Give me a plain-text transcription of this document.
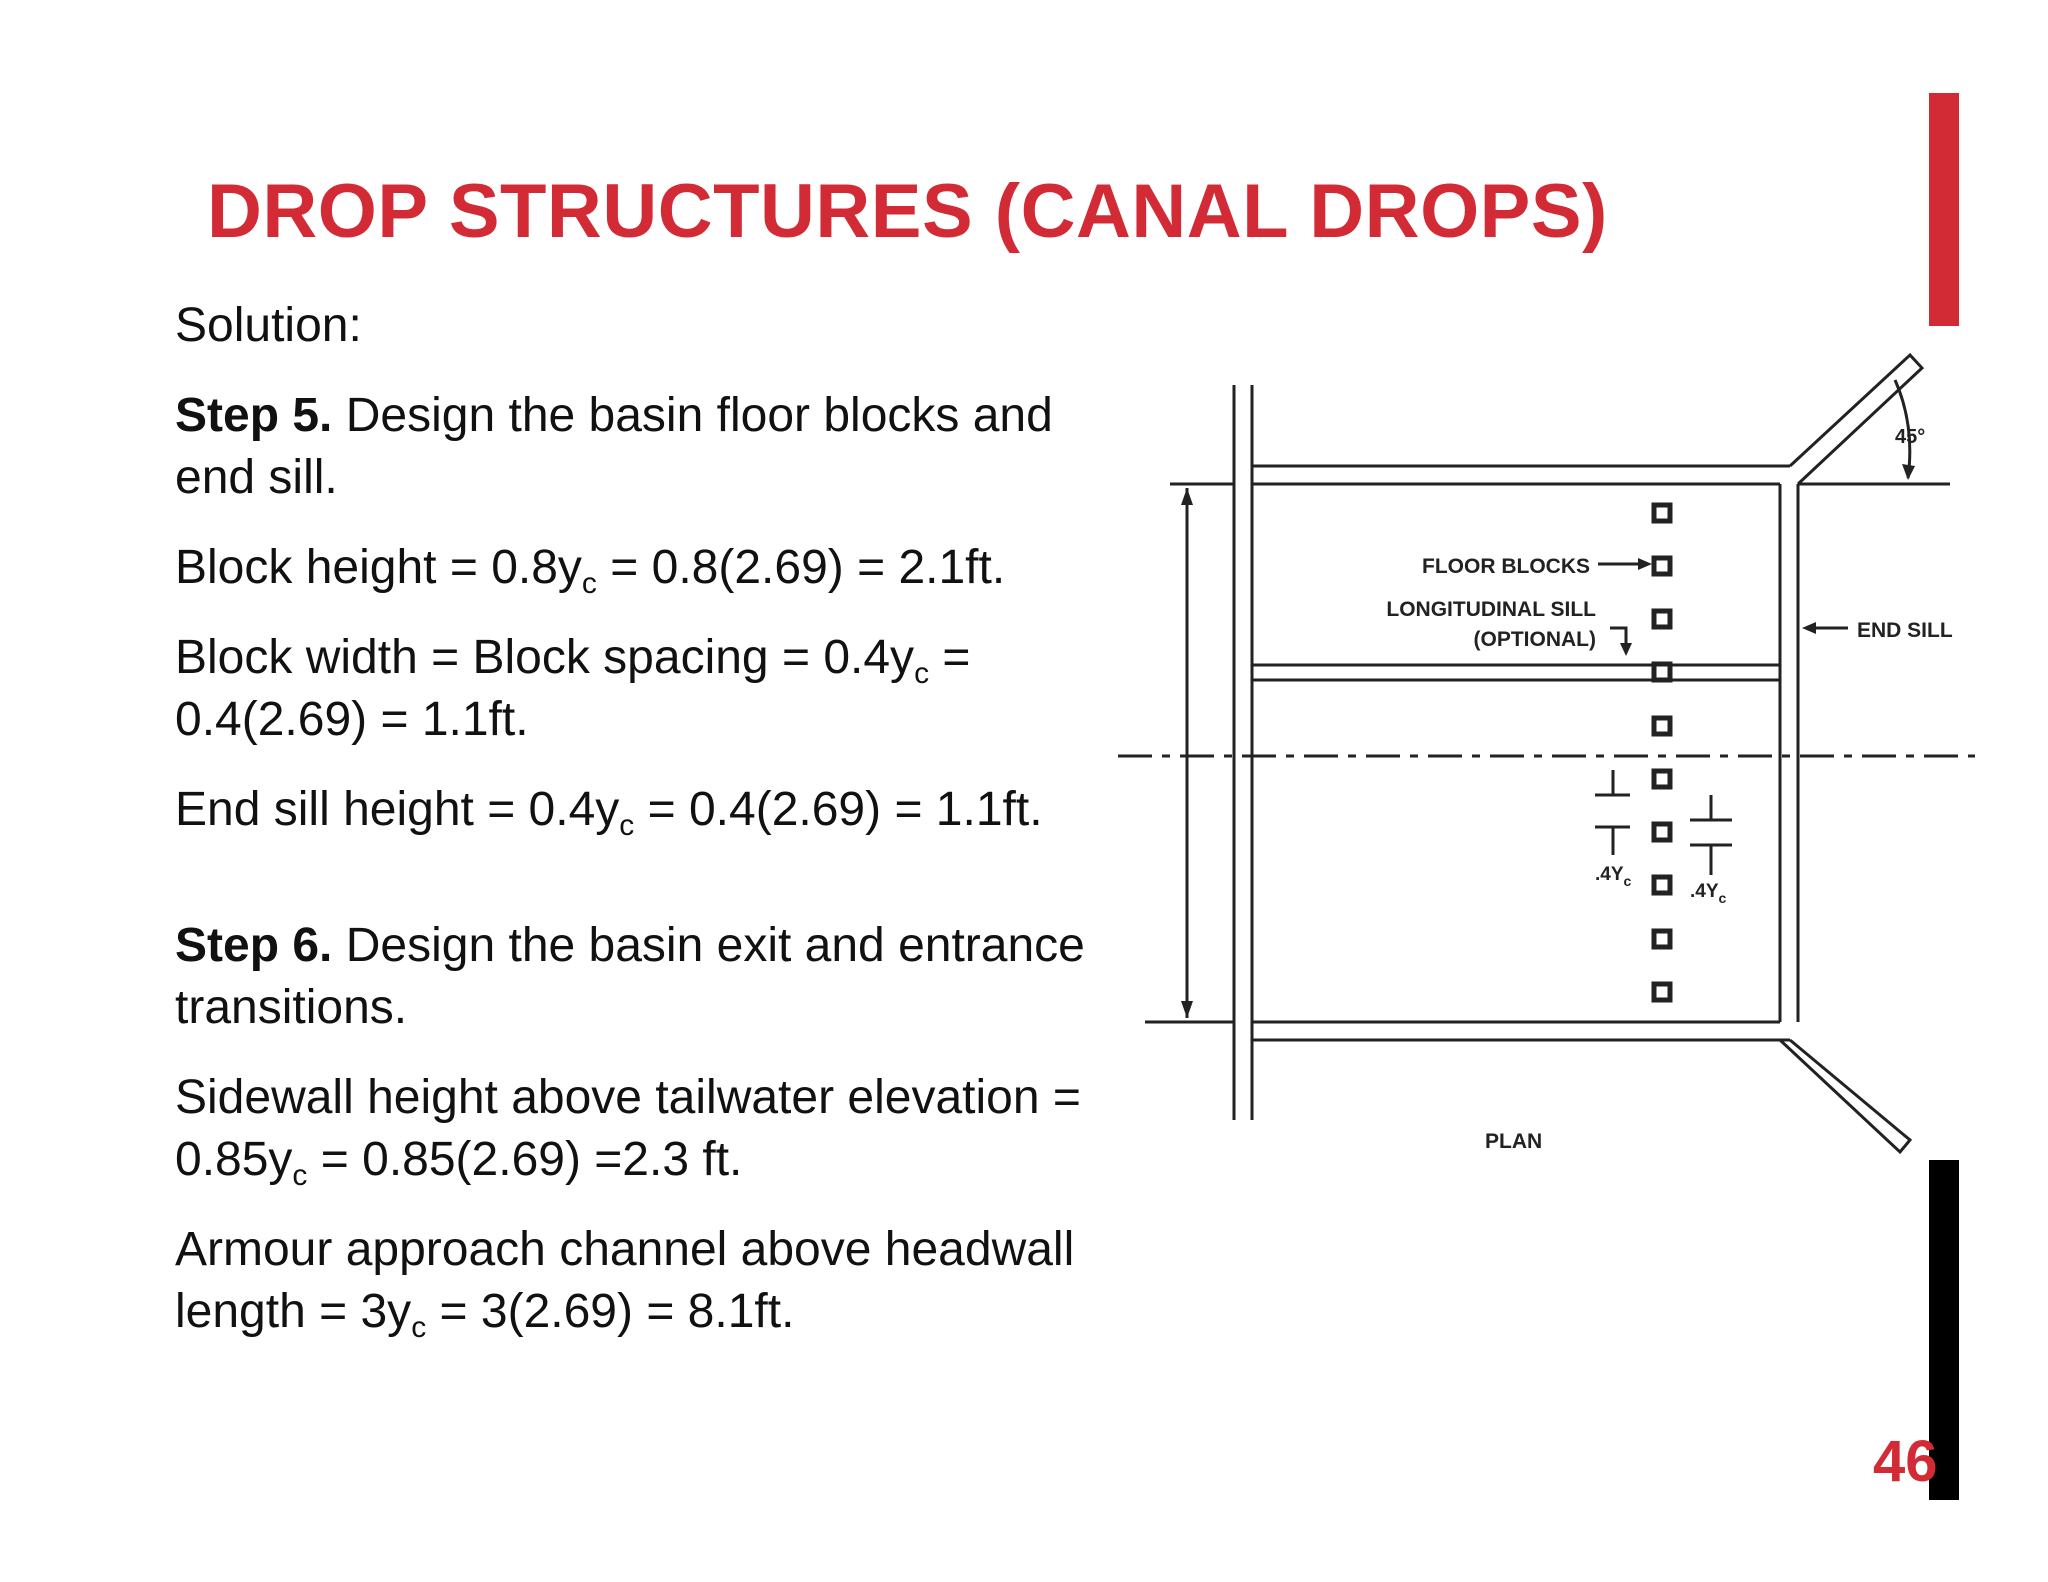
DROP STRUCTURES (CANAL DROPS)

Solution:

Step 5. Design the basin floor blocks and end sill.

Block height = $0.8y_c = 0.8(2.69) = 2.1ft$.

Block width = Block spacing = $0.4y_c = 0.4(2.69) = 1.1ft$.

End sill height = $0.4y_c = 0.4(2.69) = 1.1ft$.

Step 6. Design the basin exit and entrance transitions.

Sidewall height above tailwater elevation = $0.85y_c = 0.85(2.69) =2.3$ ft.

Armour approach channel above headwall length = $3y_c = 3(2.69) = 8.1ft$.

FLOOR BLOCKS
LONGITUDINAL SILL
(OPTIONAL)	END SILL
45°
PLAN
$.4Y_c$	$.4Y_c$
46
